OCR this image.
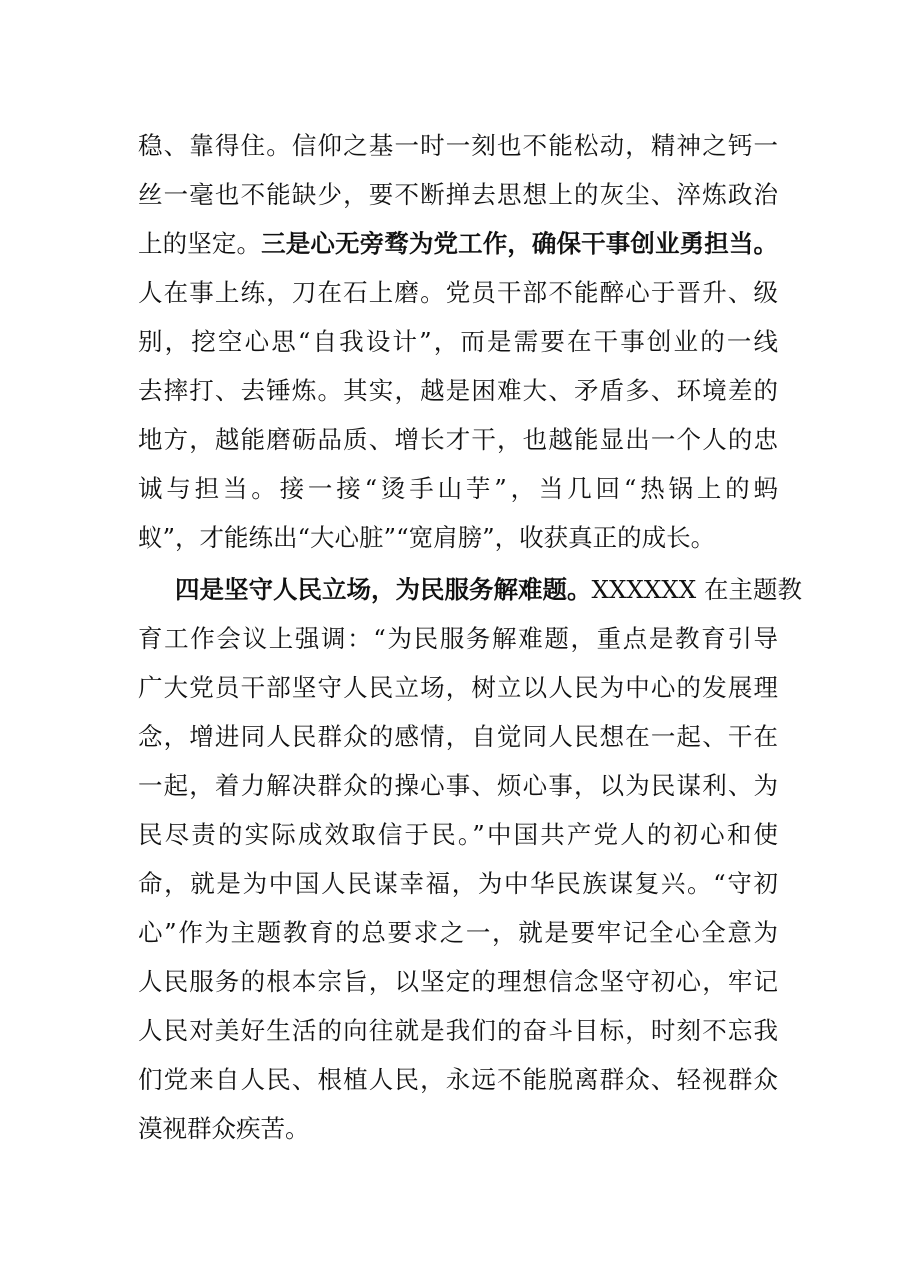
稳、靠得住。信仰之基一时一刻也不能松动，精神之钙一
丝一毫也不能缺少，要不断掸去思想上的灰尘、淬炼政治
上的坚定。三是心无旁骛为党工作，确保干事创业勇担当。
人在事上练，刀在石上磨。党员干部不能醉心于晋升、级
别，挖空心思“自我设计”，而是需要在干事创业的一线
去摔打、去锤炼。其实，越是困难大、矛盾多、环境差的
地方，越能磨砺品质、增长才干，也越能显出一个人的忠
诚与担当。接一接“烫手山芋”，当几回“热锅上的蚂
蚁”，才能练出“大心脏”“宽肩膀”，收获真正的成长。
四是坚守人民立场，为民服务解难题。XXXXXX 在主题教
育工作会议上强调：“为民服务解难题，重点是教育引导
广大党员干部坚守人民立场，树立以人民为中心的发展理
念，增进同人民群众的感情，自觉同人民想在一起、干在
一起，着力解决群众的操心事、烦心事，以为民谋利、为
民尽责的实际成效取信于民。”中国共产党人的初心和使
命，就是为中国人民谋幸福，为中华民族谋复兴。“守初
心”作为主题教育的总要求之一，就是要牢记全心全意为
人民服务的根本宗旨，以坚定的理想信念坚守初心，牢记
人民对美好生活的向往就是我们的奋斗目标，时刻不忘我
们党来自人民、根植人民，永远不能脱离群众、轻视群众
漠视群众疾苦。
